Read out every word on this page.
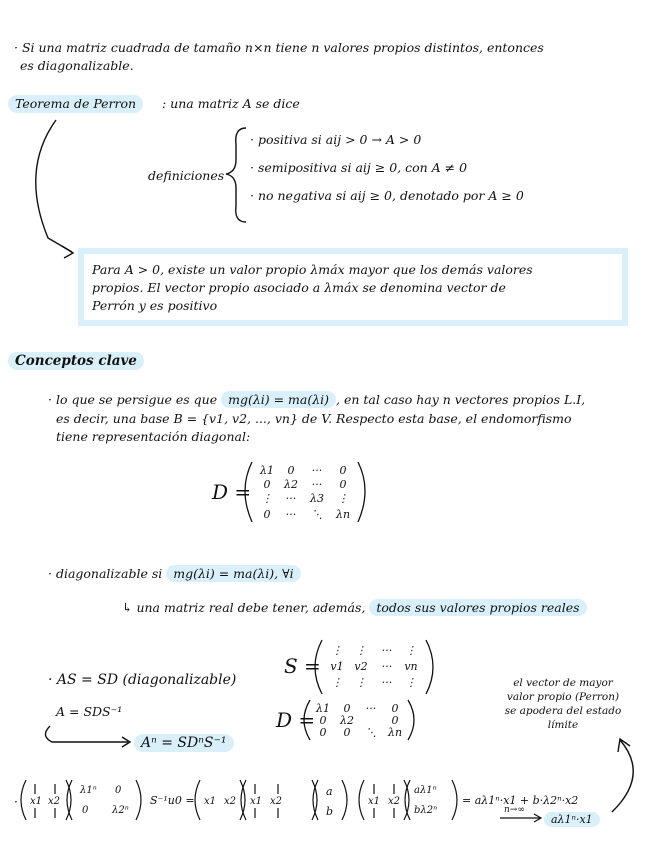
· Si una matriz cuadrada de tamaño n×n tiene n valores propios distintos, entonces
es diagonalizable.
Teorema de Perron	: una matriz A se dice
definiciones
· positiva si aij > 0 → A > 0
· semipositiva si aij ≥ 0, con A ≠ 0
· no negativa si aij ≥ 0, denotado por A ≥ 0
Para A > 0, existe un valor propio λmáx mayor que los demás valores
propios. El vector propio asociado a λmáx se denomina vector de
Perrón y es positivo
Conceptos clave
· lo que se persigue es que mg(λi) = ma(λi) , en tal caso hay n vectores propios L.I,
es decir, una base B = {v1, v2, ..., vn} de V. Respecto esta base, el endomorfismo
tiene representación diagonal:
D =
λ1	0	···	0
0	λ2	···	0
⋮	···	λ3	⋮
0	···	⋱	λn
· diagonalizable si mg(λi) = ma(λi), ∀i
↳ una matriz real debe tener, además, todos sus valores propios reales
S =
⋮	⋮	···	⋮
v1 v2	···	vn
⋮	⋮	···	⋮
· AS = SD (diagonalizable)
A = SDS⁻¹
Aⁿ = SDⁿS⁻¹
D = λ1	0	···	0
0	λ2	0
0	0	⋱	λn
el vector de mayor
valor propio (Perron)
se apodera del estado
límite
· x1 x2
λ1ⁿ 0
0 λ2ⁿ
S⁻¹u0 = x1 x2 x1 x2
a
b
x1 x2
aλ1ⁿ
bλ2ⁿ
= aλ1ⁿ·x1 + b·λ2ⁿ·x2
n→∞
aλ1ⁿ·x1
